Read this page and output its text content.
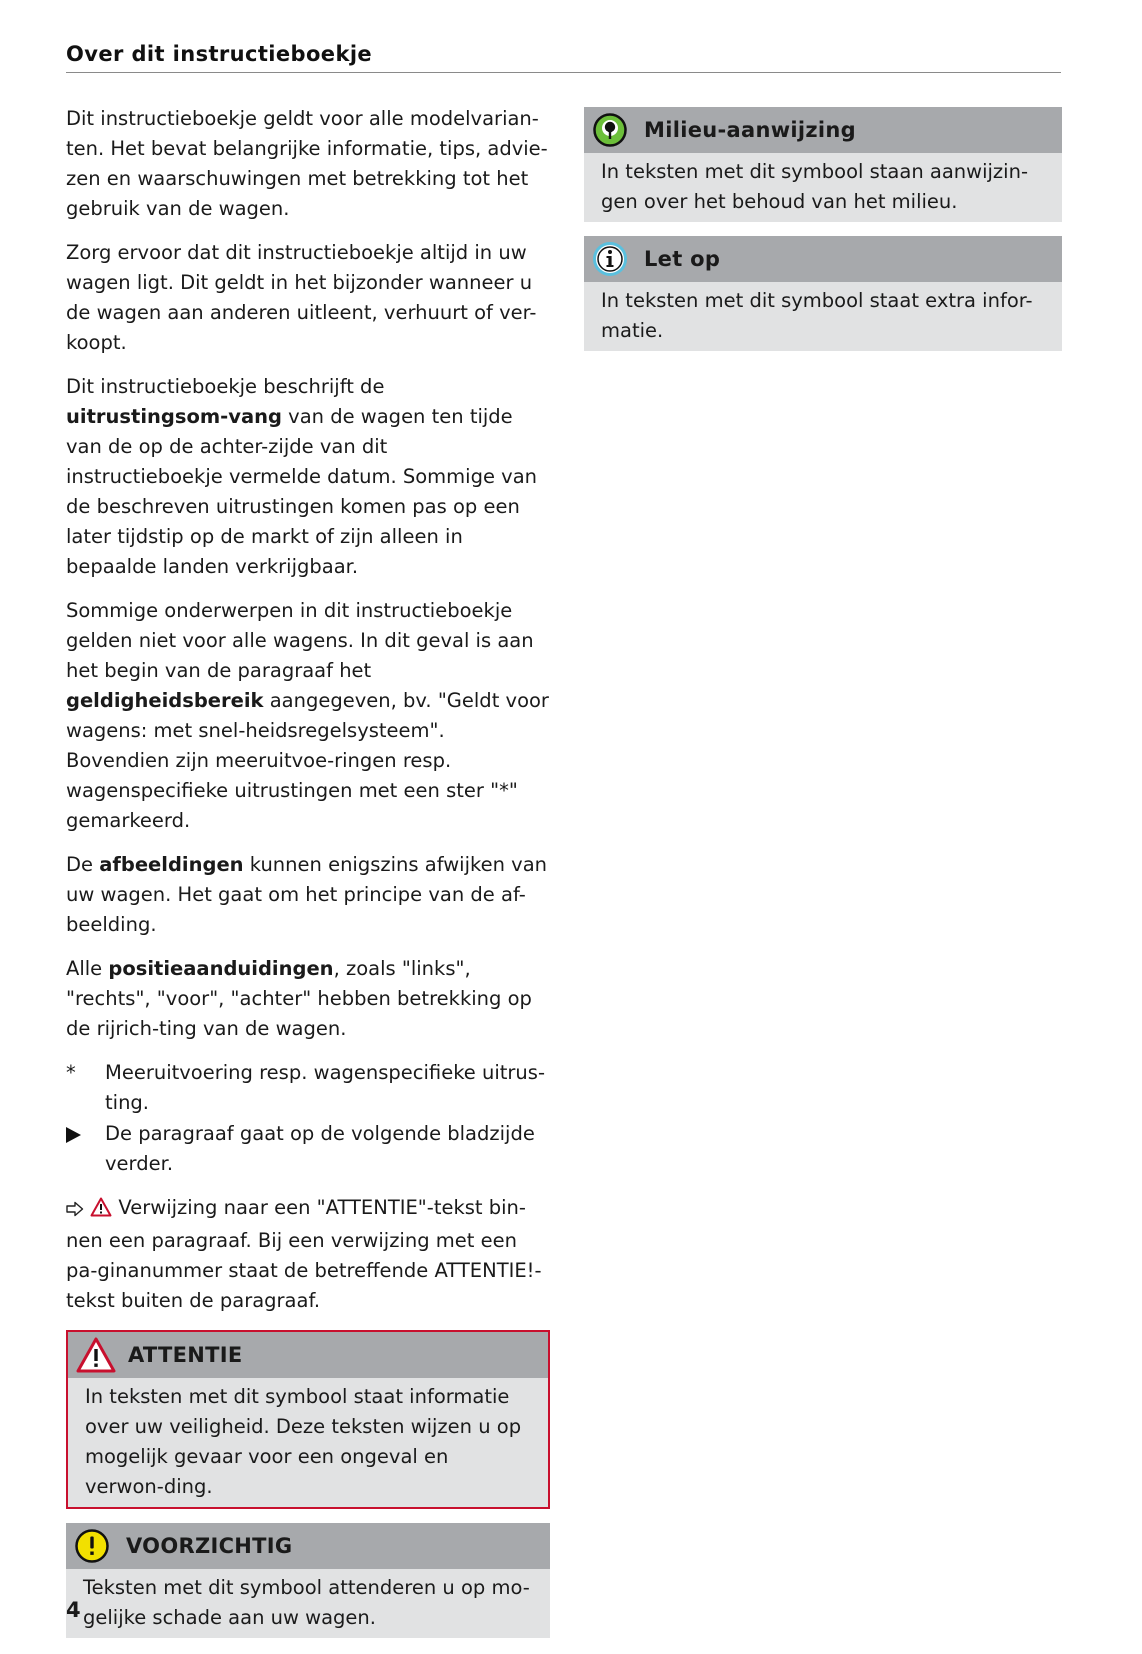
Over dit instructieboekje

Dit instructieboekje geldt voor alle modelvarian-ten. Het bevat belangrijke informatie, tips, advie-zen en waarschuwingen met betrekking tot het gebruik van de wagen.

Zorg ervoor dat dit instructieboekje altijd in uw wagen ligt. Dit geldt in het bijzonder wanneer u de wagen aan anderen uitleent, verhuurt of ver-koopt.

Dit instructieboekje beschrijft de uitrustingsom-vang van de wagen ten tijde van de op de achter-zijde van dit instructieboekje vermelde datum. Sommige van de beschreven uitrustingen komen pas op een later tijdstip op de markt of zijn alleen in bepaalde landen verkrijgbaar.

Sommige onderwerpen in dit instructieboekje gelden niet voor alle wagens. In dit geval is aan het begin van de paragraaf het geldigheidsbereik aangegeven, bv. "Geldt voor wagens: met snel-heidsregelsysteem". Bovendien zijn meeruitvoe-ringen resp. wagenspecifieke uitrustingen met een ster "*" gemarkeerd.

De afbeeldingen kunnen enigszins afwijken van uw wagen. Het gaat om het principe van de af-beelding.

Alle positieaanduidingen, zoals "links", "rechts", "voor", "achter" hebben betrekking op de rijrich-ting van de wagen.

*	Meeruitvoering resp. wagenspecifieke uitrus-ting.
De paragraaf gaat op de volgende bladzijde verder.

Verwijzing naar een "ATTENTIE"-tekst bin-nen een paragraaf. Bij een verwijzing met een pa-ginanummer staat de betreffende ATTENTIE!-tekst buiten de paragraaf.

ATTENTIE
In teksten met dit symbool staat informatie over uw veiligheid. Deze teksten wijzen u op mogelijk gevaar voor een ongeval en verwon-ding.
VOORZICHTIG
Teksten met dit symbool attenderen u op mo-gelijke schade aan uw wagen.
Milieu-aanwijzing
In teksten met dit symbool staan aanwijzin-gen over het behoud van het milieu.
Let op
In teksten met dit symbool staat extra infor-matie.
4
